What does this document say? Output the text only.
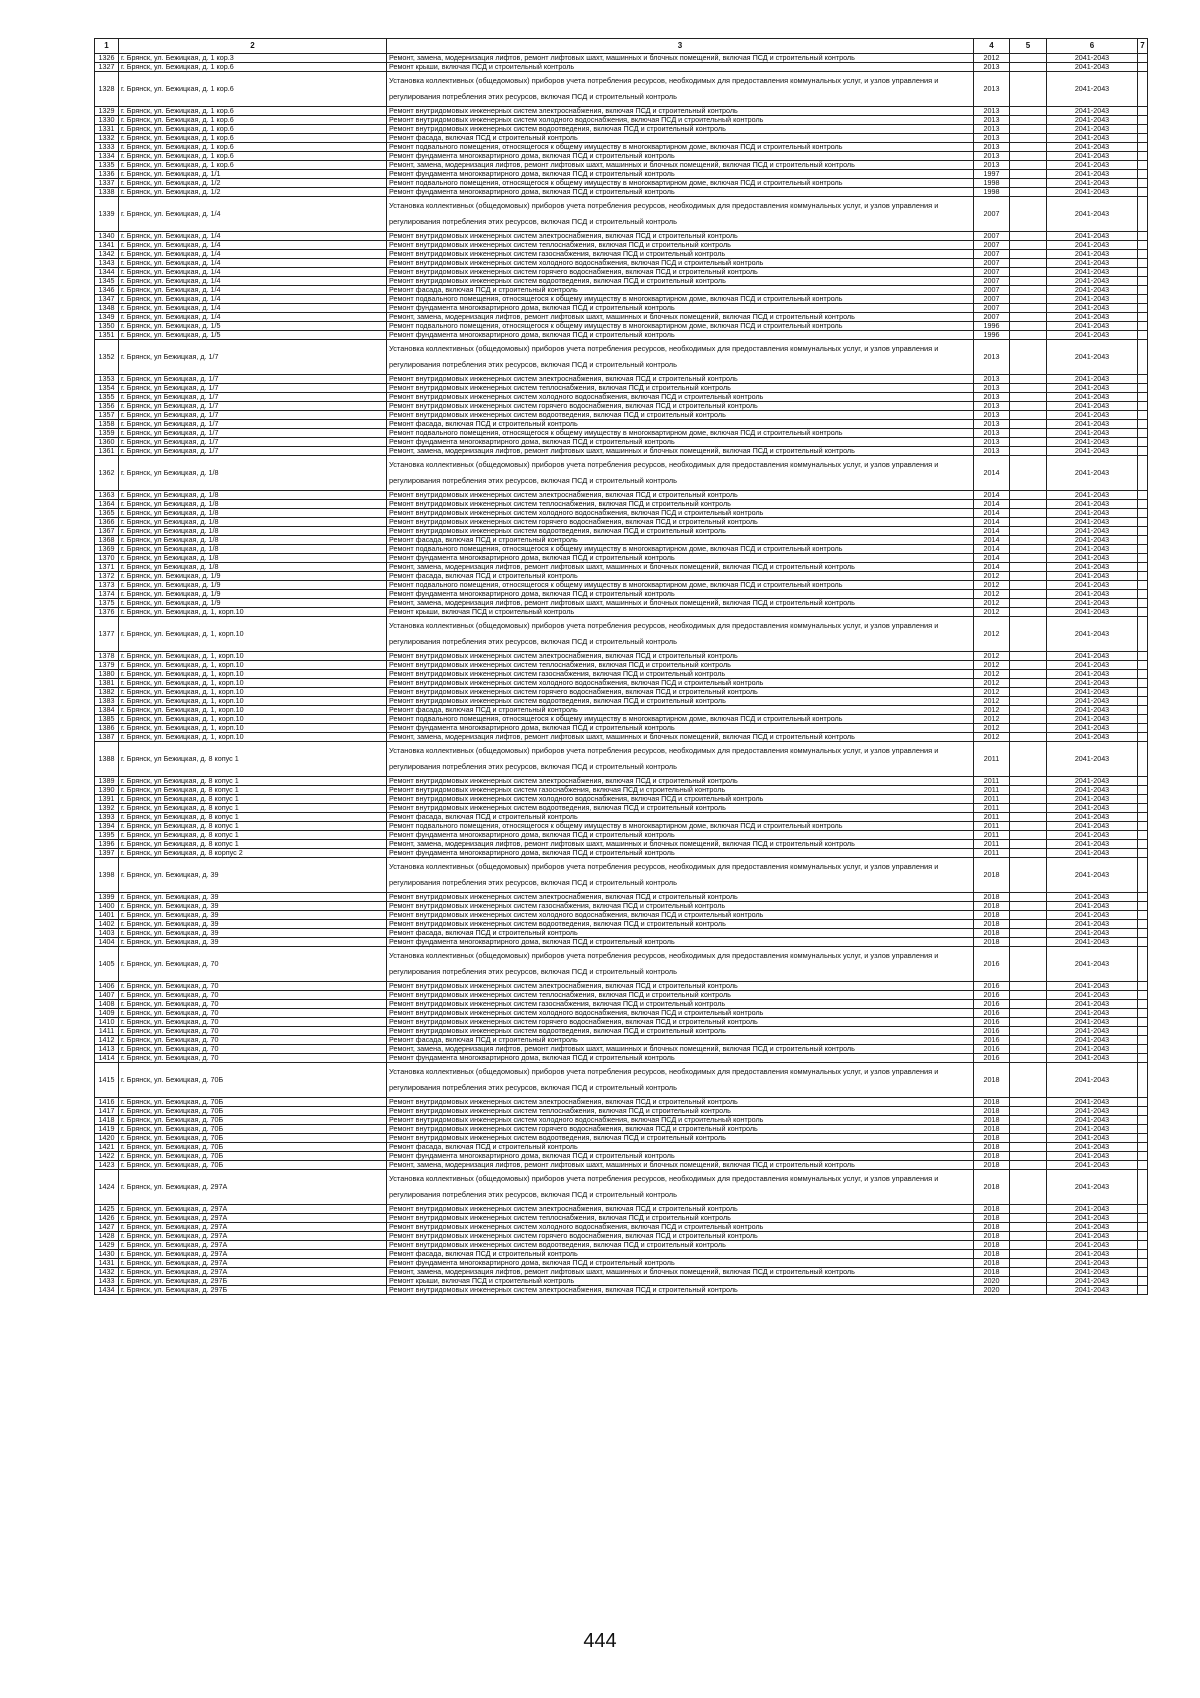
1	2	3	4	5	6	7
1326	г. Брянск, ул. Бежицкая, д. 1 кор.3	Ремонт, замена, модернизация лифтов, ремонт лифтовых шахт, машинных и блочных помещений, включая ПСД и строительный контроль	2012		2041-2043	
1327	г. Брянск, ул. Бежицкая, д. 1 кор.6	Ремонт крыши, включая ПСД и строительный контроль	2013		2041-2043	
1328	г. Брянск, ул. Бежицкая, д. 1 кор.6	Установка коллективных (общедомовых) приборов учета потребления ресурсов, необходимых для предоставления коммунальных услуг, и узлов управления и регулирования потребления этих ресурсов, включая ПСД и строительный контроль	2013		2041-2043	
1329	г. Брянск, ул. Бежицкая, д. 1 кор.6	Ремонт внутридомовых инженерных систем электроснабжения, включая ПСД и строительный контроль	2013		2041-2043	
1330	г. Брянск, ул. Бежицкая, д. 1 кор.6	Ремонт внутридомовых инженерных систем холодного водоснабжения, включая ПСД и строительный контроль	2013		2041-2043	
1331	г. Брянск, ул. Бежицкая, д. 1 кор.6	Ремонт внутридомовых инженерных систем водоотведения, включая ПСД и строительный контроль	2013		2041-2043	
1332	г. Брянск, ул. Бежицкая, д. 1 кор.6	Ремонт фасада, включая ПСД и строительный контроль	2013		2041-2043	
1333	г. Брянск, ул. Бежицкая, д. 1 кор.6	Ремонт подвального помещения, относящегося к общему имуществу в многоквартирном доме, включая ПСД и строительный контроль	2013		2041-2043	
1334	г. Брянск, ул. Бежицкая, д. 1 кор.6	Ремонт фундамента многоквартирного дома, включая ПСД и строительный контроль	2013		2041-2043	
1335	г. Брянск, ул. Бежицкая, д. 1 кор.6	Ремонт, замена, модернизация лифтов, ремонт лифтовых шахт, машинных и блочных помещений, включая ПСД и строительный контроль	2013		2041-2043	
1336	г. Брянск, ул. Бежицкая, д. 1/1	Ремонт фундамента многоквартирного дома, включая ПСД и строительный контроль	1997		2041-2043	
1337	г. Брянск, ул. Бежицкая, д. 1/2	Ремонт подвального помещения, относящегося к общему имуществу в многоквартирном доме, включая ПСД и строительный контроль	1998		2041-2043	
1338	г. Брянск, ул. Бежицкая, д. 1/2	Ремонт фундамента многоквартирного дома, включая ПСД и строительный контроль	1998		2041-2043	
1339	г. Брянск, ул. Бежицкая, д. 1/4	Установка коллективных (общедомовых) приборов учета потребления ресурсов, необходимых для предоставления коммунальных услуг, и узлов управления и регулирования потребления этих ресурсов, включая ПСД и строительный контроль	2007		2041-2043	
1340	г. Брянск, ул. Бежицкая, д. 1/4	Ремонт внутридомовых инженерных систем электроснабжения, включая ПСД и строительный контроль	2007		2041-2043	
1341	г. Брянск, ул. Бежицкая, д. 1/4	Ремонт внутридомовых инженерных систем теплоснабжения, включая ПСД и строительный контроль	2007		2041-2043	
1342	г. Брянск, ул. Бежицкая, д. 1/4	Ремонт внутридомовых инженерных систем газоснабжения, включая ПСД и строительный контроль	2007		2041-2043	
1343	г. Брянск, ул. Бежицкая, д. 1/4	Ремонт внутридомовых инженерных систем холодного водоснабжения, включая ПСД и строительный контроль	2007		2041-2043	
1344	г. Брянск, ул. Бежицкая, д. 1/4	Ремонт внутридомовых инженерных систем горячего водоснабжения, включая ПСД и строительный контроль	2007		2041-2043	
1345	г. Брянск, ул. Бежицкая, д. 1/4	Ремонт внутридомовых инженерных систем водоотведения, включая ПСД и строительный контроль	2007		2041-2043	
1346	г. Брянск, ул. Бежицкая, д. 1/4	Ремонт фасада, включая ПСД и строительный контроль	2007		2041-2043	
1347	г. Брянск, ул. Бежицкая, д. 1/4	Ремонт подвального помещения, относящегося к общему имуществу в многоквартирном доме, включая ПСД и строительный контроль	2007		2041-2043	
1348	г. Брянск, ул. Бежицкая, д. 1/4	Ремонт фундамента многоквартирного дома, включая ПСД и строительный контроль	2007		2041-2043	
1349	г. Брянск, ул. Бежицкая, д. 1/4	Ремонт, замена, модернизация лифтов, ремонт лифтовых шахт, машинных и блочных помещений, включая ПСД и строительный контроль	2007		2041-2043	
1350	г. Брянск, ул. Бежицкая, д. 1/5	Ремонт подвального помещения, относящегося к общему имуществу в многоквартирном доме, включая ПСД и строительный контроль	1996		2041-2043	
1351	г. Брянск, ул. Бежицкая, д. 1/5	Ремонт фундамента многоквартирного дома, включая ПСД и строительный контроль	1996		2041-2043	
1352	г. Брянск, ул Бежицкая, д. 1/7	Установка коллективных (общедомовых) приборов учета потребления ресурсов, необходимых для предоставления коммунальных услуг, и узлов управления и регулирования потребления этих ресурсов, включая ПСД и строительный контроль	2013		2041-2043	
1353	г. Брянск, ул Бежицкая, д. 1/7	Ремонт внутридомовых инженерных систем электроснабжения, включая ПСД и строительный контроль	2013		2041-2043	
1354	г. Брянск, ул Бежицкая, д. 1/7	Ремонт внутридомовых инженерных систем теплоснабжения, включая ПСД и строительный контроль	2013		2041-2043	
1355	г. Брянск, ул Бежицкая, д. 1/7	Ремонт внутридомовых инженерных систем холодного водоснабжения, включая ПСД и строительный контроль	2013		2041-2043	
1356	г. Брянск, ул Бежицкая, д. 1/7	Ремонт внутридомовых инженерных систем горячего водоснабжения, включая ПСД и строительный контроль	2013		2041-2043	
1357	г. Брянск, ул Бежицкая, д. 1/7	Ремонт внутридомовых инженерных систем водоотведения, включая ПСД и строительный контроль	2013		2041-2043	
1358	г. Брянск, ул Бежицкая, д. 1/7	Ремонт фасада, включая ПСД и строительный контроль	2013		2041-2043	
1359	г. Брянск, ул Бежицкая, д. 1/7	Ремонт подвального помещения, относящегося к общему имуществу в многоквартирном доме, включая ПСД и строительный контроль	2013		2041-2043	
1360	г. Брянск, ул Бежицкая, д. 1/7	Ремонт фундамента многоквартирного дома, включая ПСД и строительный контроль	2013		2041-2043	
1361	г. Брянск, ул Бежицкая, д. 1/7	Ремонт, замена, модернизация лифтов, ремонт лифтовых шахт, машинных и блочных помещений, включая ПСД и строительный контроль	2013		2041-2043	
1362	г. Брянск, ул Бежицкая, д. 1/8	Установка коллективных (общедомовых) приборов учета потребления ресурсов, необходимых для предоставления коммунальных услуг, и узлов управления и регулирования потребления этих ресурсов, включая ПСД и строительный контроль	2014		2041-2043	
1363	г. Брянск, ул Бежицкая, д. 1/8	Ремонт внутридомовых инженерных систем электроснабжения, включая ПСД и строительный контроль	2014		2041-2043	
1364	г. Брянск, ул Бежицкая, д. 1/8	Ремонт внутридомовых инженерных систем теплоснабжения, включая ПСД и строительный контроль	2014		2041-2043	
1365	г. Брянск, ул Бежицкая, д. 1/8	Ремонт внутридомовых инженерных систем холодного водоснабжения, включая ПСД и строительный контроль	2014		2041-2043	
1366	г. Брянск, ул Бежицкая, д. 1/8	Ремонт внутридомовых инженерных систем горячего водоснабжения, включая ПСД и строительный контроль	2014		2041-2043	
1367	г. Брянск, ул Бежицкая, д. 1/8	Ремонт внутридомовых инженерных систем водоотведения, включая ПСД и строительный контроль	2014		2041-2043	
1368	г. Брянск, ул Бежицкая, д. 1/8	Ремонт фасада, включая ПСД и строительный контроль	2014		2041-2043	
1369	г. Брянск, ул Бежицкая, д. 1/8	Ремонт подвального помещения, относящегося к общему имуществу в многоквартирном доме, включая ПСД и строительный контроль	2014		2041-2043	
1370	г. Брянск, ул Бежицкая, д. 1/8	Ремонт фундамента многоквартирного дома, включая ПСД и строительный контроль	2014		2041-2043	
1371	г. Брянск, ул Бежицкая, д. 1/8	Ремонт, замена, модернизация лифтов, ремонт лифтовых шахт, машинных и блочных помещений, включая ПСД и строительный контроль	2014		2041-2043	
1372	г. Брянск, ул. Бежицкая, д. 1/9	Ремонт фасада, включая ПСД и строительный контроль	2012		2041-2043	
1373	г. Брянск, ул. Бежицкая, д. 1/9	Ремонт подвального помещения, относящегося к общему имуществу в многоквартирном доме, включая ПСД и строительный контроль	2012		2041-2043	
1374	г. Брянск, ул. Бежицкая, д. 1/9	Ремонт фундамента многоквартирного дома, включая ПСД и строительный контроль	2012		2041-2043	
1375	г. Брянск, ул. Бежицкая, д. 1/9	Ремонт, замена, модернизация лифтов, ремонт лифтовых шахт, машинных и блочных помещений, включая ПСД и строительный контроль	2012		2041-2043	
1376	г. Брянск, ул. Бежицкая, д. 1, корп.10	Ремонт крыши, включая ПСД и строительный контроль	2012		2041-2043	
1377	г. Брянск, ул. Бежицкая, д. 1, корп.10	Установка коллективных (общедомовых) приборов учета потребления ресурсов, необходимых для предоставления коммунальных услуг, и узлов управления и регулирования потребления этих ресурсов, включая ПСД и строительный контроль	2012		2041-2043	
1378	г. Брянск, ул. Бежицкая, д. 1, корп.10	Ремонт внутридомовых инженерных систем электроснабжения, включая ПСД и строительный контроль	2012		2041-2043	
1379	г. Брянск, ул. Бежицкая, д. 1, корп.10	Ремонт внутридомовых инженерных систем теплоснабжения, включая ПСД и строительный контроль	2012		2041-2043	
1380	г. Брянск, ул. Бежицкая, д. 1, корп.10	Ремонт внутридомовых инженерных систем газоснабжения, включая ПСД и строительный контроль	2012		2041-2043	
1381	г. Брянск, ул. Бежицкая, д. 1, корп.10	Ремонт внутридомовых инженерных систем холодного водоснабжения, включая ПСД и строительный контроль	2012		2041-2043	
1382	г. Брянск, ул. Бежицкая, д. 1, корп.10	Ремонт внутридомовых инженерных систем горячего водоснабжения, включая ПСД и строительный контроль	2012		2041-2043	
1383	г. Брянск, ул. Бежицкая, д. 1, корп.10	Ремонт внутридомовых инженерных систем водоотведения, включая ПСД и строительный контроль	2012		2041-2043	
1384	г. Брянск, ул. Бежицкая, д. 1, корп.10	Ремонт фасада, включая ПСД и строительный контроль	2012		2041-2043	
1385	г. Брянск, ул. Бежицкая, д. 1, корп.10	Ремонт подвального помещения, относящегося к общему имуществу в многоквартирном доме, включая ПСД и строительный контроль	2012		2041-2043	
1386	г. Брянск, ул. Бежицкая, д. 1, корп.10	Ремонт фундамента многоквартирного дома, включая ПСД и строительный контроль	2012		2041-2043	
1387	г. Брянск, ул. Бежицкая, д. 1, корп.10	Ремонт, замена, модернизация лифтов, ремонт лифтовых шахт, машинных и блочных помещений, включая ПСД и строительный контроль	2012		2041-2043	
1388	г. Брянск, ул Бежицкая, д. 8 копус 1	Установка коллективных (общедомовых) приборов учета потребления ресурсов, необходимых для предоставления коммунальных услуг, и узлов управления и регулирования потребления этих ресурсов, включая ПСД и строительный контроль	2011		2041-2043	
1389	г. Брянск, ул Бежицкая, д. 8 копус 1	Ремонт внутридомовых инженерных систем электроснабжения, включая ПСД и строительный контроль	2011		2041-2043	
1390	г. Брянск, ул Бежицкая, д. 8 копус 1	Ремонт внутридомовых инженерных систем газоснабжения, включая ПСД и строительный контроль	2011		2041-2043	
1391	г. Брянск, ул Бежицкая, д. 8 копус 1	Ремонт внутридомовых инженерных систем холодного водоснабжения, включая ПСД и строительный контроль	2011		2041-2043	
1392	г. Брянск, ул Бежицкая, д. 8 копус 1	Ремонт внутридомовых инженерных систем водоотведения, включая ПСД и строительный контроль	2011		2041-2043	
1393	г. Брянск, ул Бежицкая, д. 8 копус 1	Ремонт фасада, включая ПСД и строительный контроль	2011		2041-2043	
1394	г. Брянск, ул Бежицкая, д. 8 копус 1	Ремонт подвального помещения, относящегося к общему имуществу в многоквартирном доме, включая ПСД и строительный контроль	2011		2041-2043	
1395	г. Брянск, ул Бежицкая, д. 8 копус 1	Ремонт фундамента многоквартирного дома, включая ПСД и строительный контроль	2011		2041-2043	
1396	г. Брянск, ул Бежицкая, д. 8 копус 1	Ремонт, замена, модернизация лифтов, ремонт лифтовых шахт, машинных и блочных помещений, включая ПСД и строительный контроль	2011		2041-2043	
1397	г. Брянск, ул Бежицкая, д. 8 корпус 2	Ремонт фундамента многоквартирного дома, включая ПСД и строительный контроль	2011		2041-2043	
1398	г. Брянск, ул. Бежицкая, д. 39	Установка коллективных (общедомовых) приборов учета потребления ресурсов, необходимых для предоставления коммунальных услуг, и узлов управления и регулирования потребления этих ресурсов, включая ПСД и строительный контроль	2018		2041-2043	
1399	г. Брянск, ул. Бежицкая, д. 39	Ремонт внутридомовых инженерных систем электроснабжения, включая ПСД и строительный контроль	2018		2041-2043	
1400	г. Брянск, ул. Бежицкая, д. 39	Ремонт внутридомовых инженерных систем газоснабжения, включая ПСД и строительный контроль	2018		2041-2043	
1401	г. Брянск, ул. Бежицкая, д. 39	Ремонт внутридомовых инженерных систем холодного водоснабжения, включая ПСД и строительный контроль	2018		2041-2043	
1402	г. Брянск, ул. Бежицкая, д. 39	Ремонт внутридомовых инженерных систем водоотведения, включая ПСД и строительный контроль	2018		2041-2043	
1403	г. Брянск, ул. Бежицкая, д. 39	Ремонт фасада, включая ПСД и строительный контроль	2018		2041-2043	
1404	г. Брянск, ул. Бежицкая, д. 39	Ремонт фундамента многоквартирного дома, включая ПСД и строительный контроль	2018		2041-2043	
1405	г. Брянск, ул. Бежицкая, д. 70	Установка коллективных (общедомовых) приборов учета потребления ресурсов, необходимых для предоставления коммунальных услуг, и узлов управления и регулирования потребления этих ресурсов, включая ПСД и строительный контроль	2016		2041-2043	
1406	г. Брянск, ул. Бежицкая, д. 70	Ремонт внутридомовых инженерных систем электроснабжения, включая ПСД и строительный контроль	2016		2041-2043	
1407	г. Брянск, ул. Бежицкая, д. 70	Ремонт внутридомовых инженерных систем теплоснабжения, включая ПСД и строительный контроль	2016		2041-2043	
1408	г. Брянск, ул. Бежицкая, д. 70	Ремонт внутридомовых инженерных систем газоснабжения, включая ПСД и строительный контроль	2016		2041-2043	
1409	г. Брянск, ул. Бежицкая, д. 70	Ремонт внутридомовых инженерных систем холодного водоснабжения, включая ПСД и строительный контроль	2016		2041-2043	
1410	г. Брянск, ул. Бежицкая, д. 70	Ремонт внутридомовых инженерных систем горячего водоснабжения, включая ПСД и строительный контроль	2016		2041-2043	
1411	г. Брянск, ул. Бежицкая, д. 70	Ремонт внутридомовых инженерных систем водоотведения, включая ПСД и строительный контроль	2016		2041-2043	
1412	г. Брянск, ул. Бежицкая, д. 70	Ремонт фасада, включая ПСД и строительный контроль	2016		2041-2043	
1413	г. Брянск, ул. Бежицкая, д. 70	Ремонт, замена, модернизация лифтов, ремонт лифтовых шахт, машинных и блочных помещений, включая ПСД и строительный контроль	2016		2041-2043	
1414	г. Брянск, ул. Бежицкая, д. 70	Ремонт фундамента многоквартирного дома, включая ПСД и строительный контроль	2016		2041-2043	
1415	г. Брянск, ул. Бежицкая, д. 70Б	Установка коллективных (общедомовых) приборов учета потребления ресурсов, необходимых для предоставления коммунальных услуг, и узлов управления и регулирования потребления этих ресурсов, включая ПСД и строительный контроль	2018		2041-2043	
1416	г. Брянск, ул. Бежицкая, д. 70Б	Ремонт внутридомовых инженерных систем электроснабжения, включая ПСД и строительный контроль	2018		2041-2043	
1417	г. Брянск, ул. Бежицкая, д. 70Б	Ремонт внутридомовых инженерных систем теплоснабжения, включая ПСД и строительный контроль	2018		2041-2043	
1418	г. Брянск, ул. Бежицкая, д. 70Б	Ремонт внутридомовых инженерных систем холодного водоснабжения, включая ПСД и строительный контроль	2018		2041-2043	
1419	г. Брянск, ул. Бежицкая, д. 70Б	Ремонт внутридомовых инженерных систем горячего водоснабжения, включая ПСД и строительный контроль	2018		2041-2043	
1420	г. Брянск, ул. Бежицкая, д. 70Б	Ремонт внутридомовых инженерных систем водоотведения, включая ПСД и строительный контроль	2018		2041-2043	
1421	г. Брянск, ул. Бежицкая, д. 70Б	Ремонт фасада, включая ПСД и строительный контроль	2018		2041-2043	
1422	г. Брянск, ул. Бежицкая, д. 70Б	Ремонт фундамента многоквартирного дома, включая ПСД и строительный контроль	2018		2041-2043	
1423	г. Брянск, ул. Бежицкая, д. 70Б	Ремонт, замена, модернизация лифтов, ремонт лифтовых шахт, машинных и блочных помещений, включая ПСД и строительный контроль	2018		2041-2043	
1424	г. Брянск, ул. Бежицкая, д. 297А	Установка коллективных (общедомовых) приборов учета потребления ресурсов, необходимых для предоставления коммунальных услуг, и узлов управления и регулирования потребления этих ресурсов, включая ПСД и строительный контроль	2018		2041-2043	
1425	г. Брянск, ул. Бежицкая, д. 297А	Ремонт внутридомовых инженерных систем электроснабжения, включая ПСД и строительный контроль	2018		2041-2043	
1426	г. Брянск, ул. Бежицкая, д. 297А	Ремонт внутридомовых инженерных систем теплоснабжения, включая ПСД и строительный контроль	2018		2041-2043	
1427	г. Брянск, ул. Бежицкая, д. 297А	Ремонт внутридомовых инженерных систем холодного водоснабжения, включая ПСД и строительный контроль	2018		2041-2043	
1428	г. Брянск, ул. Бежицкая, д. 297А	Ремонт внутридомовых инженерных систем горячего водоснабжения, включая ПСД и строительный контроль	2018		2041-2043	
1429	г. Брянск, ул. Бежицкая, д. 297А	Ремонт внутридомовых инженерных систем водоотведения, включая ПСД и строительный контроль	2018		2041-2043	
1430	г. Брянск, ул. Бежицкая, д. 297А	Ремонт фасада, включая ПСД и строительный контроль	2018		2041-2043	
1431	г. Брянск, ул. Бежицкая, д. 297А	Ремонт фундамента многоквартирного дома, включая ПСД и строительный контроль	2018		2041-2043	
1432	г. Брянск, ул. Бежицкая, д. 297А	Ремонт, замена, модернизация лифтов, ремонт лифтовых шахт, машинных и блочных помещений, включая ПСД и строительный контроль	2018		2041-2043	
1433	г. Брянск, ул. Бежицкая, д. 297Б	Ремонт крыши, включая ПСД и строительный контроль	2020		2041-2043	
1434	г. Брянск, ул. Бежицкая, д. 297Б	Ремонт внутридомовых инженерных систем электроснабжения, включая ПСД и строительный контроль	2020		2041-2043	
444
